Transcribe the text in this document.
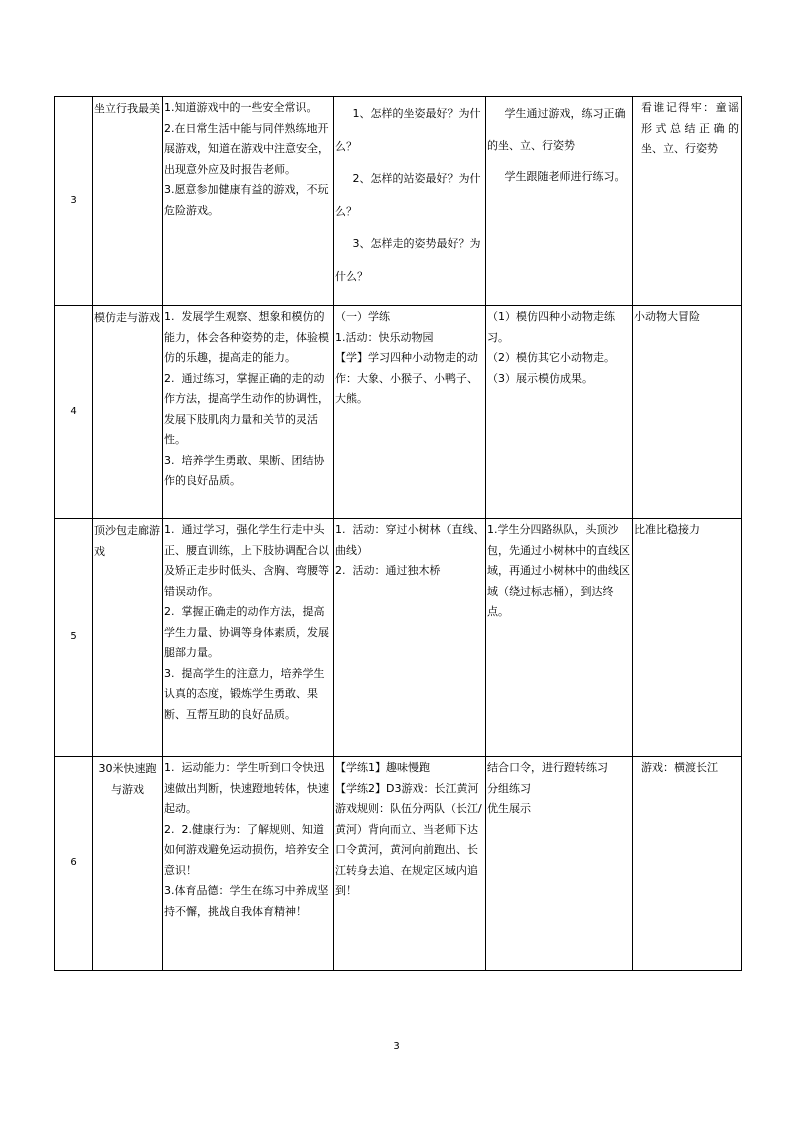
3	坐立行我最美	1.知道游戏中的一些安全常识。
2.在日常生活中能与同伴熟练地开展游戏，知道在游戏中注意安全，出现意外应及时报告老师。
3.愿意参加健康有益的游戏，不玩危险游戏。	1、怎样的坐姿最好？为什么？
2、怎样的站姿最好？为什么？
3、怎样走的姿势最好？为什么？	学生通过游戏，练习正确的坐、立、行姿势
学生跟随老师进行练习。	看谁记得牢：童谣形式总结正确的坐、立、行姿势

4	模仿走与游戏	1.  发展学生观察、想象和模仿的能力，体会各种姿势的走，体验模仿的乐趣，提高走的能力。
2.  通过练习，掌握正确的走的动作方法，提高学生动作的协调性，发展下肢肌肉力量和关节的灵活性。
3.  培养学生勇敢、果断、团结协作的良好品质。	（一）学练
1.活动：快乐动物园
【学】学习四种小动物走的动作：大象、小猴子、小鸭子、大熊。	（1）模仿四种小动物走练习。
（2）模仿其它小动物走。
（3）展示模仿成果。	小动物大冒险

5	顶沙包走廊游戏	1.  通过学习，强化学生行走中头正、腰直训练，上下肢协调配合以及矫正走步时低头、含胸、弯腰等错误动作。
2.  掌握正确走的动作方法，提高学生力量、协调等身体素质，发展腿部力量。
3.  提高学生的注意力，培养学生认真的态度，锻炼学生勇敢、果断、互帮互助的良好品质。	1.  活动：穿过小树林（直线、曲线）
2.  活动：通过独木桥	1.学生分四路纵队，头顶沙包，先通过小树林中的直线区域，再通过小树林中的曲线区域（绕过标志桶），到达终点。	比准比稳接力

6	30米快速跑与游戏	1.  运动能力：学生听到口令快迅速做出判断，快速蹬地转体，快速起动。
2.  2.健康行为：了解规则、知道如何游戏避免运动损伤，培养安全意识！
3.体育品德：学生在练习中养成坚持不懈，挑战自我体育精神！	【学练1】趣味慢跑
【学练2】D3游戏：长江黄河
游戏规则：队伍分两队（长江/黄河）背向而立、当老师下达口令黄河，黄河向前跑出、长江转身去追、在规定区域内追到！	结合口令，进行蹬转练习
分组练习
优生展示	游戏：横渡长江
3
